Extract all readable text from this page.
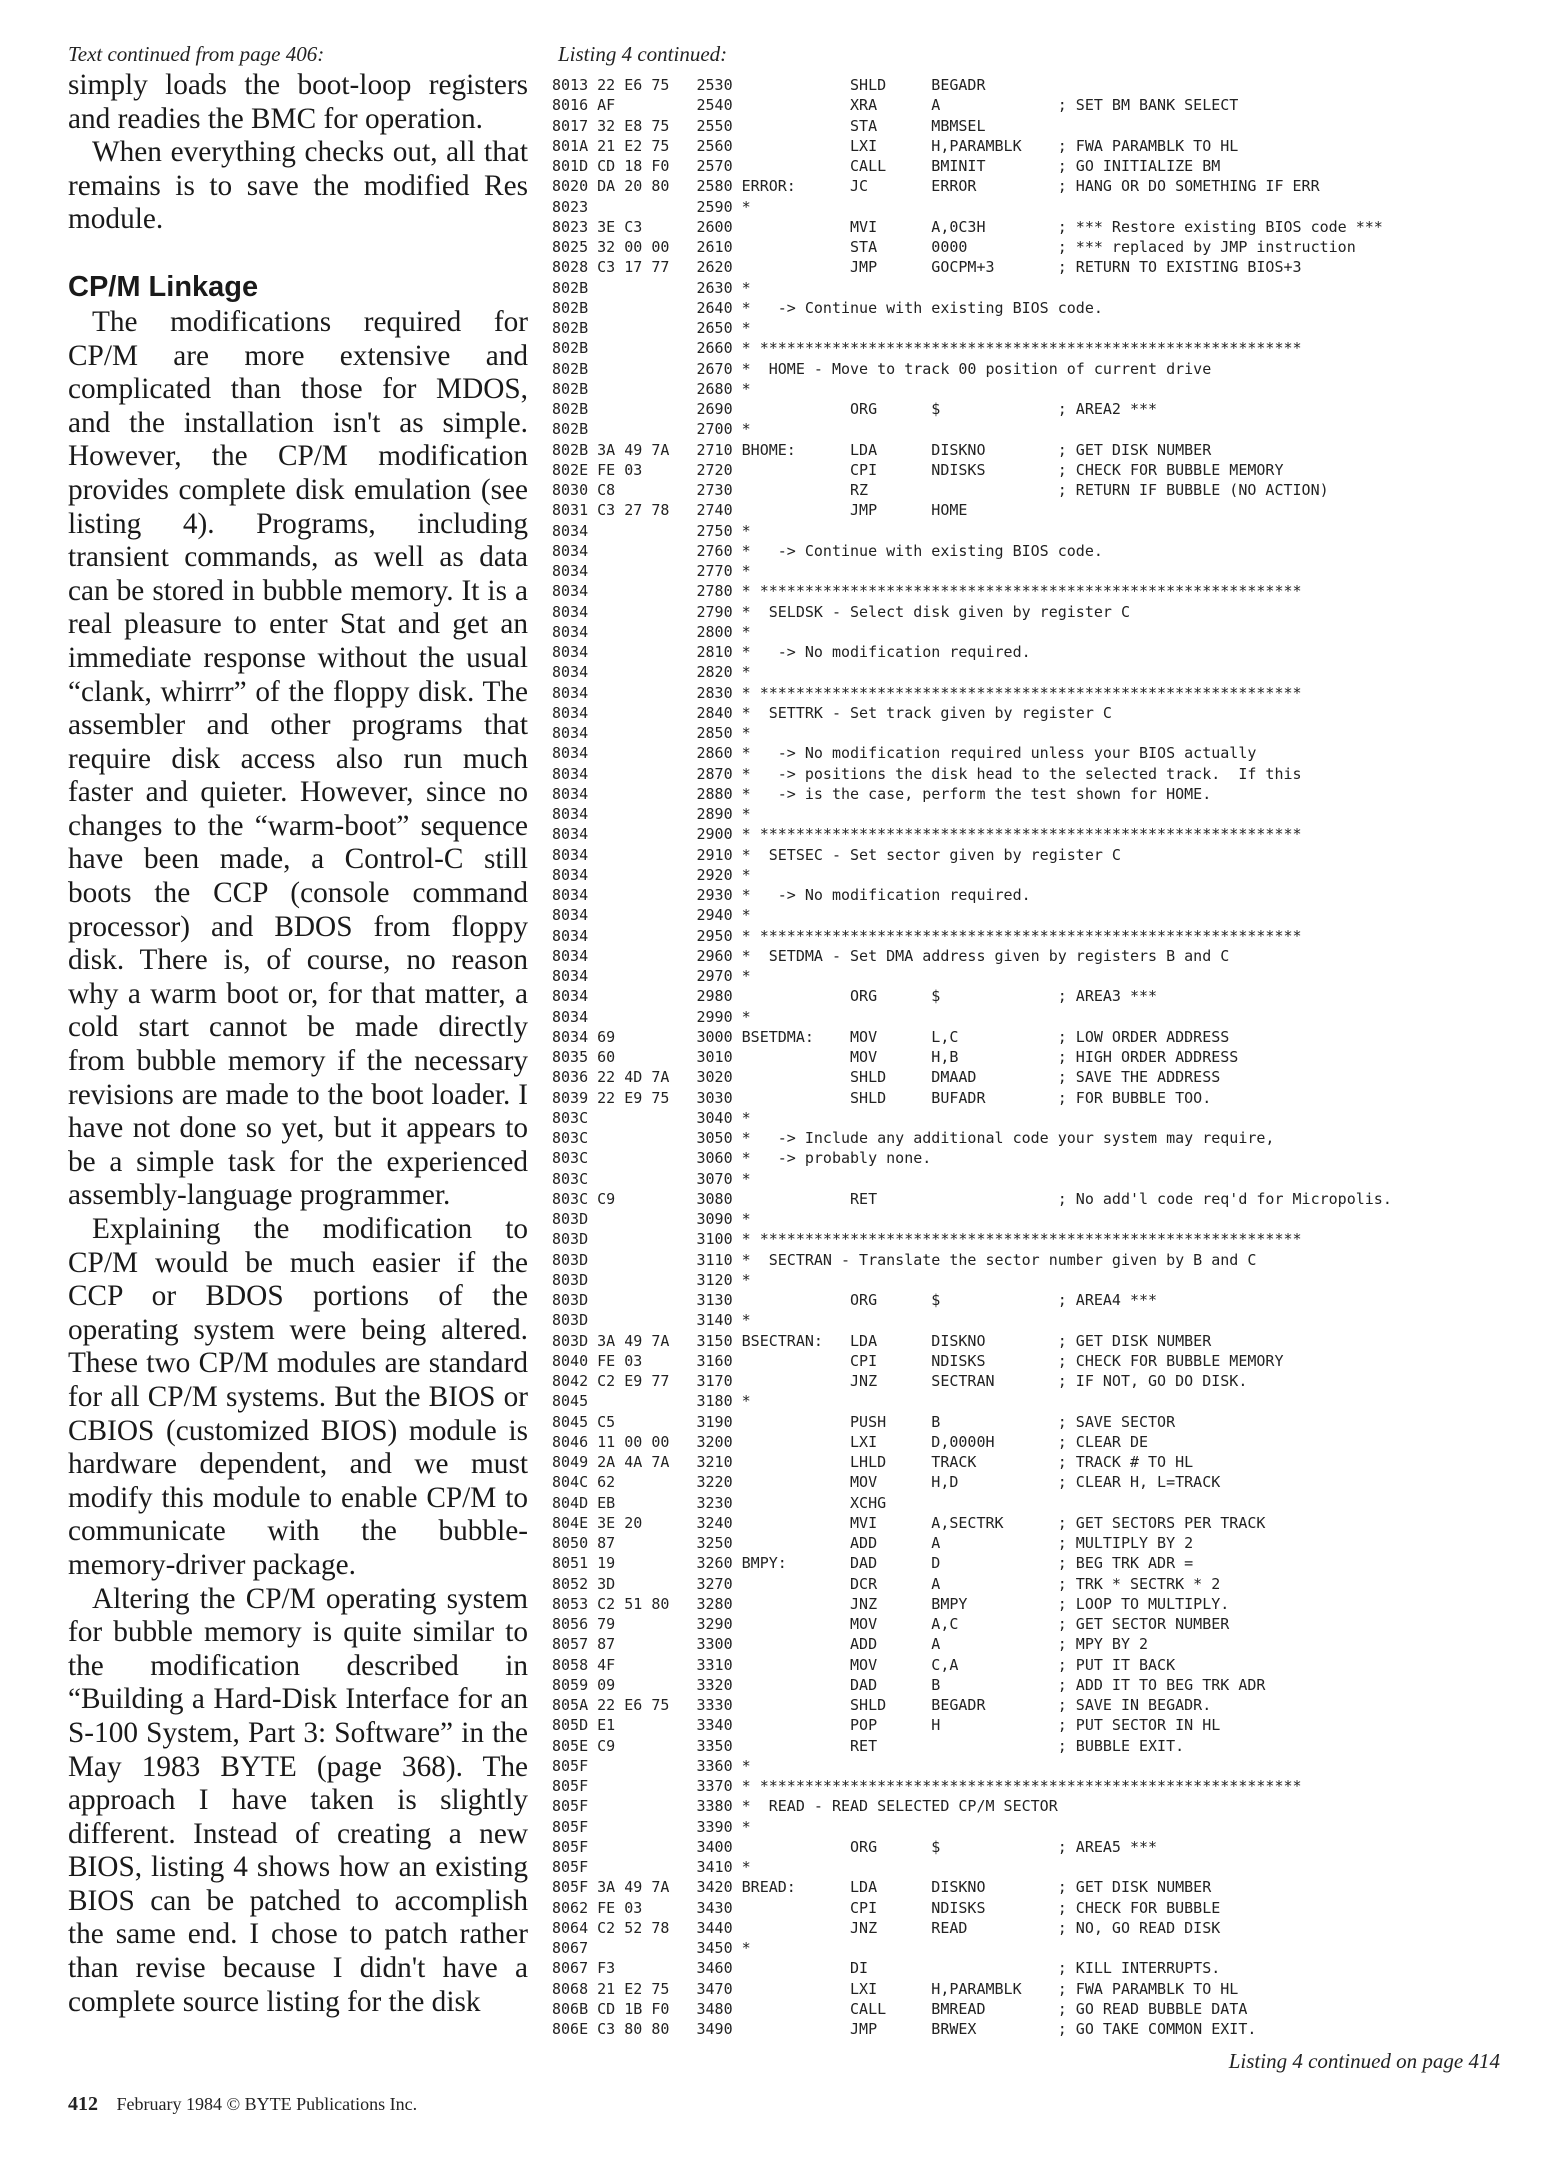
Text continued from page 406:

simply loads the boot-loop registers and readies the BMC for operation.

When everything checks out, all that remains is to save the modified Res module.

CP/M Linkage

The modifications required for CP/M are more extensive and complicated than those for MDOS, and the installation isn't as simple. However, the CP/M modification provides complete disk emulation (see listing 4). Programs, including transient commands, as well as data can be stored in bubble memory. It is a real pleasure to enter Stat and get an immediate response without the usual “clank, whirrr” of the floppy disk. The assembler and other programs that require disk access also run much faster and quieter. However, since no changes to the “warm-boot” sequence have been made, a Control-C still boots the CCP (console command processor) and BDOS from floppy disk. There is, of course, no reason why a warm boot or, for that matter, a cold start cannot be made directly from bubble memory if the necessary revisions are made to the boot loader. I have not done so yet, but it appears to be a simple task for the experienced assembly-language programmer.

Explaining the modification to CP/M would be much easier if the CCP or BDOS portions of the operating system were being altered. These two CP/M modules are standard for all CP/M systems. But the BIOS or CBIOS (customized BIOS) module is hardware dependent, and we must modify this module to enable CP/M to communicate with the bubble-memory-driver package.

Altering the CP/M operating system for bubble memory is quite similar to the modification described in “Building a Hard-Disk Interface for an S-100 System, Part 3: Software” in the May 1983 BYTE (page 368). The approach I have taken is slightly different. Instead of creating a new BIOS, listing 4 shows how an existing BIOS can be patched to accomplish the same end. I chose to patch rather than revise because I didn't have a complete source listing for the disk

Listing 4 continued:

8013 22 E6 75   2530             SHLD     BEGADR
8016 AF         2540             XRA      A             ; SET BM BANK SELECT
8017 32 E8 75   2550             STA      MBMSEL
801A 21 E2 75   2560             LXI      H,PARAMBLK    ; FWA PARAMBLK TO HL
801D CD 18 F0   2570             CALL     BMINIT        ; GO INITIALIZE BM
8020 DA 20 80   2580 ERROR:      JC       ERROR         ; HANG OR DO SOMETHING IF ERR
8023            2590 *
8023 3E C3      2600             MVI      A,0C3H        ; *** Restore existing BIOS code ***
8025 32 00 00   2610             STA      0000          ; *** replaced by JMP instruction
8028 C3 17 77   2620             JMP      GOCPM+3       ; RETURN TO EXISTING BIOS+3
802B            2630 *
802B            2640 *   -> Continue with existing BIOS code.
802B            2650 *
802B            2660 * ************************************************************
802B            2670 *  HOME - Move to track 00 position of current drive
802B            2680 *
802B            2690             ORG      $             ; AREA2 ***
802B            2700 *
802B 3A 49 7A   2710 BHOME:      LDA      DISKNO        ; GET DISK NUMBER
802E FE 03      2720             CPI      NDISKS        ; CHECK FOR BUBBLE MEMORY
8030 C8         2730             RZ                     ; RETURN IF BUBBLE (NO ACTION)
8031 C3 27 78   2740             JMP      HOME
8034            2750 *
8034            2760 *   -> Continue with existing BIOS code.
8034            2770 *
8034            2780 * ************************************************************
8034            2790 *  SELDSK - Select disk given by register C
8034            2800 *
8034            2810 *   -> No modification required.
8034            2820 *
8034            2830 * ************************************************************
8034            2840 *  SETTRK - Set track given by register C
8034            2850 *
8034            2860 *   -> No modification required unless your BIOS actually
8034            2870 *   -> positions the disk head to the selected track.  If this
8034            2880 *   -> is the case, perform the test shown for HOME.
8034            2890 *
8034            2900 * ************************************************************
8034            2910 *  SETSEC - Set sector given by register C
8034            2920 *
8034            2930 *   -> No modification required.
8034            2940 *
8034            2950 * ************************************************************
8034            2960 *  SETDMA - Set DMA address given by registers B and C
8034            2970 *
8034            2980             ORG      $             ; AREA3 ***
8034            2990 *
8034 69         3000 BSETDMA:    MOV      L,C           ; LOW ORDER ADDRESS
8035 60         3010             MOV      H,B           ; HIGH ORDER ADDRESS
8036 22 4D 7A   3020             SHLD     DMAAD         ; SAVE THE ADDRESS
8039 22 E9 75   3030             SHLD     BUFADR        ; FOR BUBBLE TOO.
803C            3040 *
803C            3050 *   -> Include any additional code your system may require,
803C            3060 *   -> probably none.
803C            3070 *
803C C9         3080             RET                    ; No add'l code req'd for Micropolis.
803D            3090 *
803D            3100 * ************************************************************
803D            3110 *  SECTRAN - Translate the sector number given by B and C
803D            3120 *
803D            3130             ORG      $             ; AREA4 ***
803D            3140 *
803D 3A 49 7A   3150 BSECTRAN:   LDA      DISKNO        ; GET DISK NUMBER
8040 FE 03      3160             CPI      NDISKS        ; CHECK FOR BUBBLE MEMORY
8042 C2 E9 77   3170             JNZ      SECTRAN       ; IF NOT, GO DO DISK.
8045            3180 *
8045 C5         3190             PUSH     B             ; SAVE SECTOR
8046 11 00 00   3200             LXI      D,0000H       ; CLEAR DE
8049 2A 4A 7A   3210             LHLD     TRACK         ; TRACK # TO HL
804C 62         3220             MOV      H,D           ; CLEAR H, L=TRACK
804D EB         3230             XCHG
804E 3E 20      3240             MVI      A,SECTRK      ; GET SECTORS PER TRACK
8050 87         3250             ADD      A             ; MULTIPLY BY 2
8051 19         3260 BMPY:       DAD      D             ; BEG TRK ADR =
8052 3D         3270             DCR      A             ; TRK * SECTRK * 2
8053 C2 51 80   3280             JNZ      BMPY          ; LOOP TO MULTIPLY.
8056 79         3290             MOV      A,C           ; GET SECTOR NUMBER
8057 87         3300             ADD      A             ; MPY BY 2
8058 4F         3310             MOV      C,A           ; PUT IT BACK
8059 09         3320             DAD      B             ; ADD IT TO BEG TRK ADR
805A 22 E6 75   3330             SHLD     BEGADR        ; SAVE IN BEGADR.
805D E1         3340             POP      H             ; PUT SECTOR IN HL
805E C9         3350             RET                    ; BUBBLE EXIT.
805F            3360 *
805F            3370 * ************************************************************
805F            3380 *  READ - READ SELECTED CP/M SECTOR
805F            3390 *
805F            3400             ORG      $             ; AREA5 ***
805F            3410 *
805F 3A 49 7A   3420 BREAD:      LDA      DISKNO        ; GET DISK NUMBER
8062 FE 03      3430             CPI      NDISKS        ; CHECK FOR BUBBLE
8064 C2 52 78   3440             JNZ      READ          ; NO, GO READ DISK
8067            3450 *
8067 F3         3460             DI                     ; KILL INTERRUPTS.
8068 21 E2 75   3470             LXI      H,PARAMBLK    ; FWA PARAMBLK TO HL
806B CD 1B F0   3480             CALL     BMREAD        ; GO READ BUBBLE DATA
806E C3 80 80   3490             JMP      BRWEX         ; GO TAKE COMMON EXIT.

Listing 4 continued on page 414

412 February 1984 © BYTE Publications Inc.
